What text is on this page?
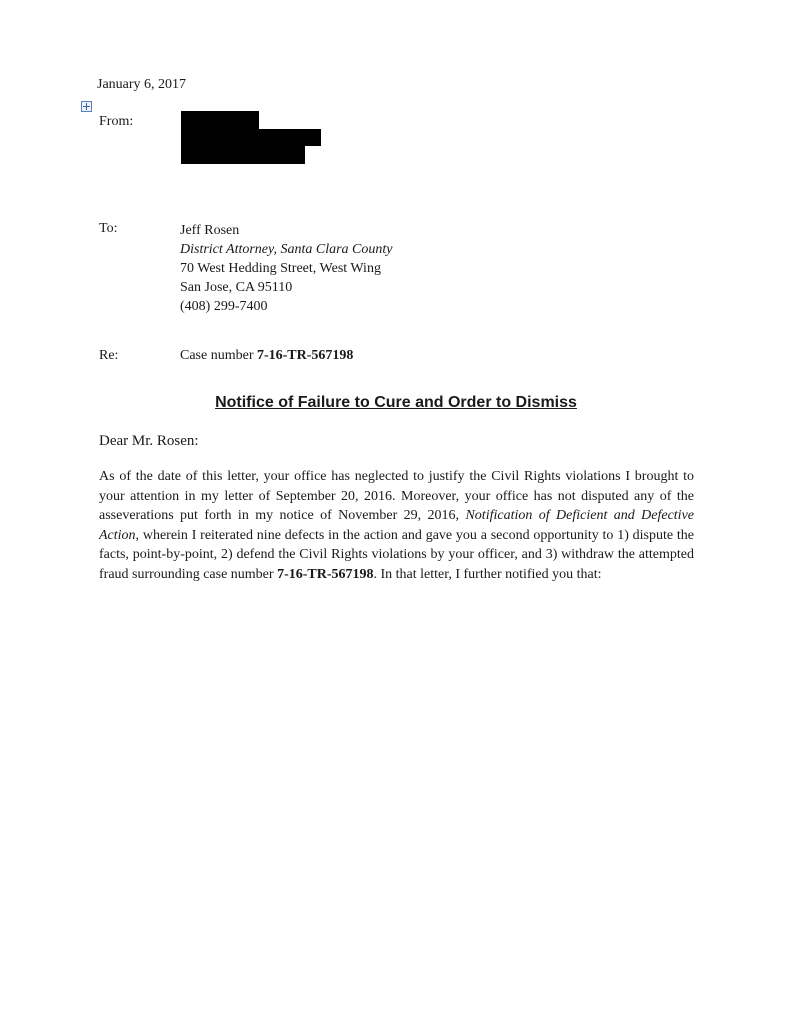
January 6, 2017
From:
To:	Jeff Rosen
District Attorney, Santa Clara County
70 West Hedding Street, West Wing
San Jose, CA 95110
(408) 299-7400
Re:	Case number 7-16-TR-567198
Notifice of Failure to Cure and Order to Dismiss
Dear Mr. Rosen:
As of the date of this letter, your office has neglected to justify the Civil Rights violations I brought to your attention in my letter of September 20, 2016. Moreover, your office has not disputed any of the asseverations put forth in my notice of November 29, 2016, Notification of Deficient and Defective Action, wherein I reiterated nine defects in the action and gave you a second opportunity to 1) dispute the facts, point-by-point, 2) defend the Civil Rights violations by your officer, and 3) withdraw the attempted fraud surrounding case number 7-16-TR-567198. In that letter, I further notified you that:
